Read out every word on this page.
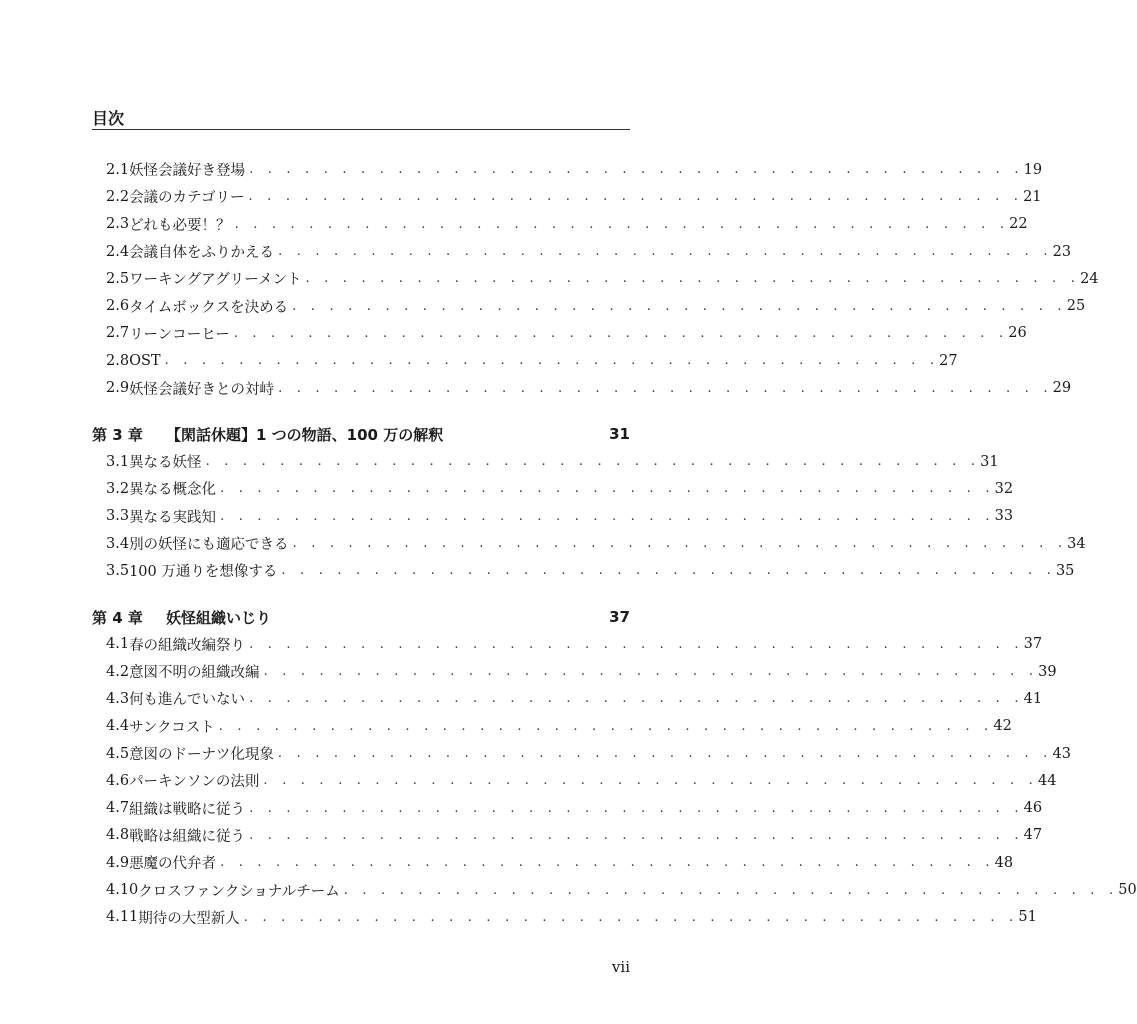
目次
2.1 妖怪会議好き登場 . . . . . . . . . . . . . . . . . . . . . . . . . . . . . . . . . . . . . . . . . . 19
2.2 会議のカテゴリー . . . . . . . . . . . . . . . . . . . . . . . . . . . . . . . . . . . . . . . . . . 21
2.3 どれも必要！？ . . . . . . . . . . . . . . . . . . . . . . . . . . . . . . . . . . . . . . . . . . 22
2.4 会議自体をふりかえる . . . . . . . . . . . . . . . . . . . . . . . . . . . . . . . . . . . . . . . . . . 23
2.5 ワーキングアグリーメント . . . . . . . . . . . . . . . . . . . . . . . . . . . . . . . . . . . . . . . . . . 24
2.6 タイムボックスを決める . . . . . . . . . . . . . . . . . . . . . . . . . . . . . . . . . . . . . . . . . . 25
2.7 リーンコーヒー . . . . . . . . . . . . . . . . . . . . . . . . . . . . . . . . . . . . . . . . . . 26
2.8 OST . . . . . . . . . . . . . . . . . . . . . . . . . . . . . . . . . . . . . . . . . . 27
2.9 妖怪会議好きとの対峙 . . . . . . . . . . . . . . . . . . . . . . . . . . . . . . . . . . . . . . . . . . 29
第 3 章	【閑話休題】1 つの物語、100 万の解釈	31
3.1 異なる妖怪 . . . . . . . . . . . . . . . . . . . . . . . . . . . . . . . . . . . . . . . . . . 31
3.2 異なる概念化 . . . . . . . . . . . . . . . . . . . . . . . . . . . . . . . . . . . . . . . . . . 32
3.3 異なる実践知 . . . . . . . . . . . . . . . . . . . . . . . . . . . . . . . . . . . . . . . . . . 33
3.4 別の妖怪にも適応できる . . . . . . . . . . . . . . . . . . . . . . . . . . . . . . . . . . . . . . . . . . 34
3.5 100 万通りを想像する . . . . . . . . . . . . . . . . . . . . . . . . . . . . . . . . . . . . . . . . . . 35
第 4 章	妖怪組織いじり	37
4.1 春の組織改編祭り . . . . . . . . . . . . . . . . . . . . . . . . . . . . . . . . . . . . . . . . . . 37
4.2 意図不明の組織改編 . . . . . . . . . . . . . . . . . . . . . . . . . . . . . . . . . . . . . . . . . . 39
4.3 何も進んでいない . . . . . . . . . . . . . . . . . . . . . . . . . . . . . . . . . . . . . . . . . . 41
4.4 サンクコスト . . . . . . . . . . . . . . . . . . . . . . . . . . . . . . . . . . . . . . . . . . 42
4.5 意図のドーナツ化現象 . . . . . . . . . . . . . . . . . . . . . . . . . . . . . . . . . . . . . . . . . . 43
4.6 パーキンソンの法則 . . . . . . . . . . . . . . . . . . . . . . . . . . . . . . . . . . . . . . . . . . 44
4.7 組織は戦略に従う . . . . . . . . . . . . . . . . . . . . . . . . . . . . . . . . . . . . . . . . . . 46
4.8 戦略は組織に従う . . . . . . . . . . . . . . . . . . . . . . . . . . . . . . . . . . . . . . . . . . 47
4.9 悪魔の代弁者 . . . . . . . . . . . . . . . . . . . . . . . . . . . . . . . . . . . . . . . . . . 48
4.10 クロスファンクショナルチーム . . . . . . . . . . . . . . . . . . . . . . . . . . . . . . . . . . . . . . . . . . 50
4.11 期待の大型新人 . . . . . . . . . . . . . . . . . . . . . . . . . . . . . . . . . . . . . . . . . . 51
vii
